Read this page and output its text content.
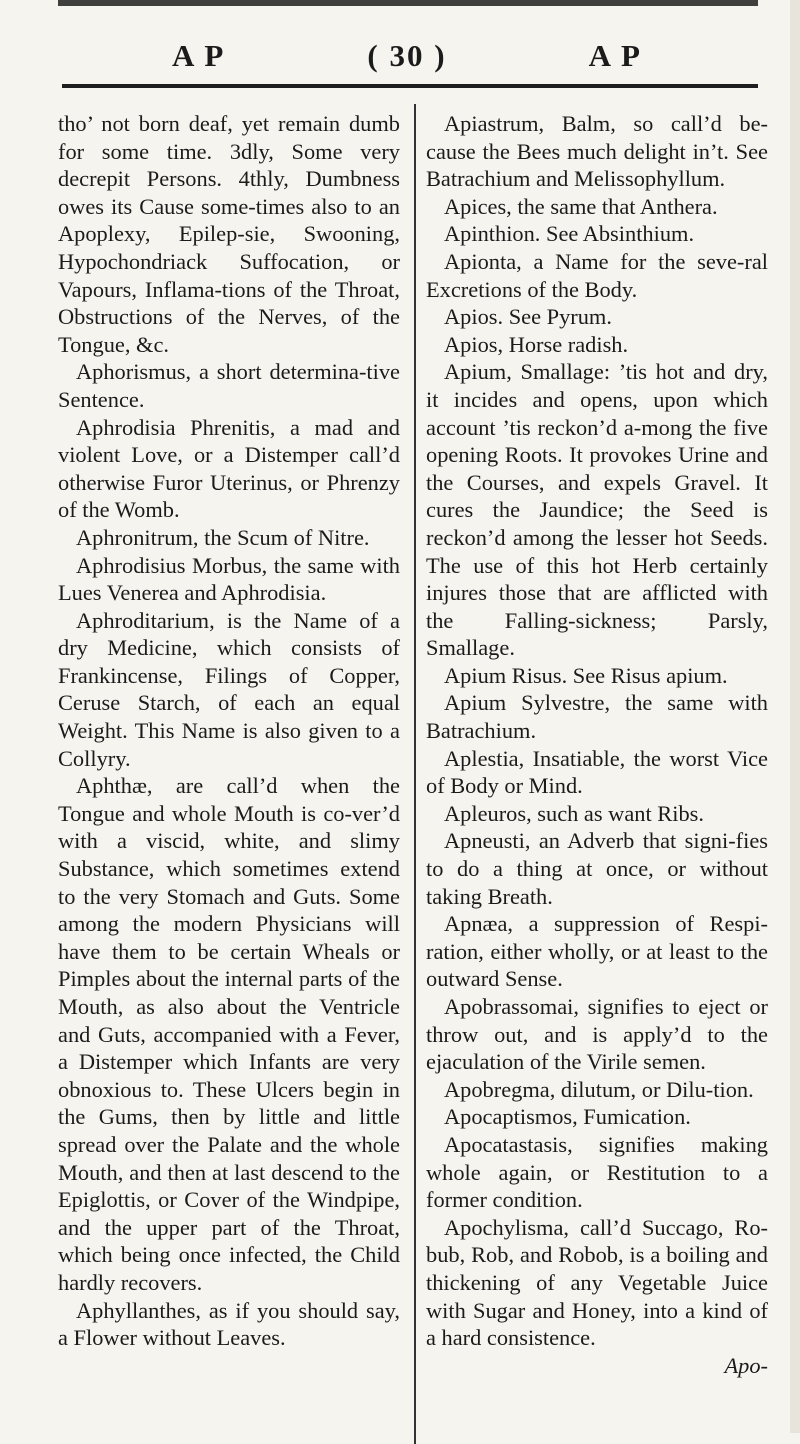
A P	( 30 )	A P

tho’ not born deaf, yet remain dumb for some time. 3dly, Some very decrepit Persons. 4thly, Dumbness owes its Cause some-times also to an Apoplexy, Epilep-sie, Swooning, Hypochondriack Suffocation, or Vapours, Inflama-tions of the Throat, Obstructions of the Nerves, of the Tongue, &c.

Aphorismus, a short determina-tive Sentence.

Aphrodisia Phrenitis, a mad and violent Love, or a Distemper call’d otherwise Furor Uterinus, or Phrenzy of the Womb.

Aphronitrum, the Scum of Nitre.

Aphrodisius Morbus, the same with Lues Venerea and Aphrodisia.

Aphroditarium, is the Name of a dry Medicine, which consists of Frankincense, Filings of Copper, Ceruse Starch, of each an equal Weight. This Name is also given to a Collyry.

Aphthæ, are call’d when the Tongue and whole Mouth is co-ver’d with a viscid, white, and slimy Substance, which sometimes extend to the very Stomach and Guts. Some among the modern Physicians will have them to be certain Wheals or Pimples about the internal parts of the Mouth, as also about the Ventricle and Guts, accompanied with a Fever, a Distemper which Infants are very obnoxious to. These Ulcers begin in the Gums, then by little and little spread over the Palate and the whole Mouth, and then at last descend to the Epiglottis, or Cover of the Windpipe, and the upper part of the Throat, which being once infected, the Child hardly recovers.

Aphyllanthes, as if you should say, a Flower without Leaves.

Apiastrum, Balm, so call’d be-cause the Bees much delight in’t. See Batrachium and Melissophyllum.

Apices, the same that Anthera.

Apinthion. See Absinthium.

Apionta, a Name for the seve-ral Excretions of the Body.

Apios. See Pyrum.

Apios, Horse radish.

Apium, Smallage: ’tis hot and dry, it incides and opens, upon which account ’tis reckon’d a-mong the five opening Roots. It provokes Urine and the Courses, and expels Gravel. It cures the Jaundice; the Seed is reckon’d among the lesser hot Seeds. The use of this hot Herb certainly injures those that are afflicted with the Falling-sickness; Parsly, Smallage.

Apium Risus. See Risus apium.

Apium Sylvestre, the same with Batrachium.

Aplestia, Insatiable, the worst Vice of Body or Mind.

Apleuros, such as want Ribs.

Apneusti, an Adverb that signi-fies to do a thing at once, or without taking Breath.

Apnæa, a suppression of Respi-ration, either wholly, or at least to the outward Sense.

Apobrassomai, signifies to eject or throw out, and is apply’d to the ejaculation of the Virile semen.

Apobregma, dilutum, or Dilu-tion.

Apocaptismos, Fumication.

Apocatastasis, signifies making whole again, or Restitution to a former condition.

Apochylisma, call’d Succago, Ro-bub, Rob, and Robob, is a boiling and thickening of any Vegetable Juice with Sugar and Honey, into a kind of a hard consistence.

Apo-
